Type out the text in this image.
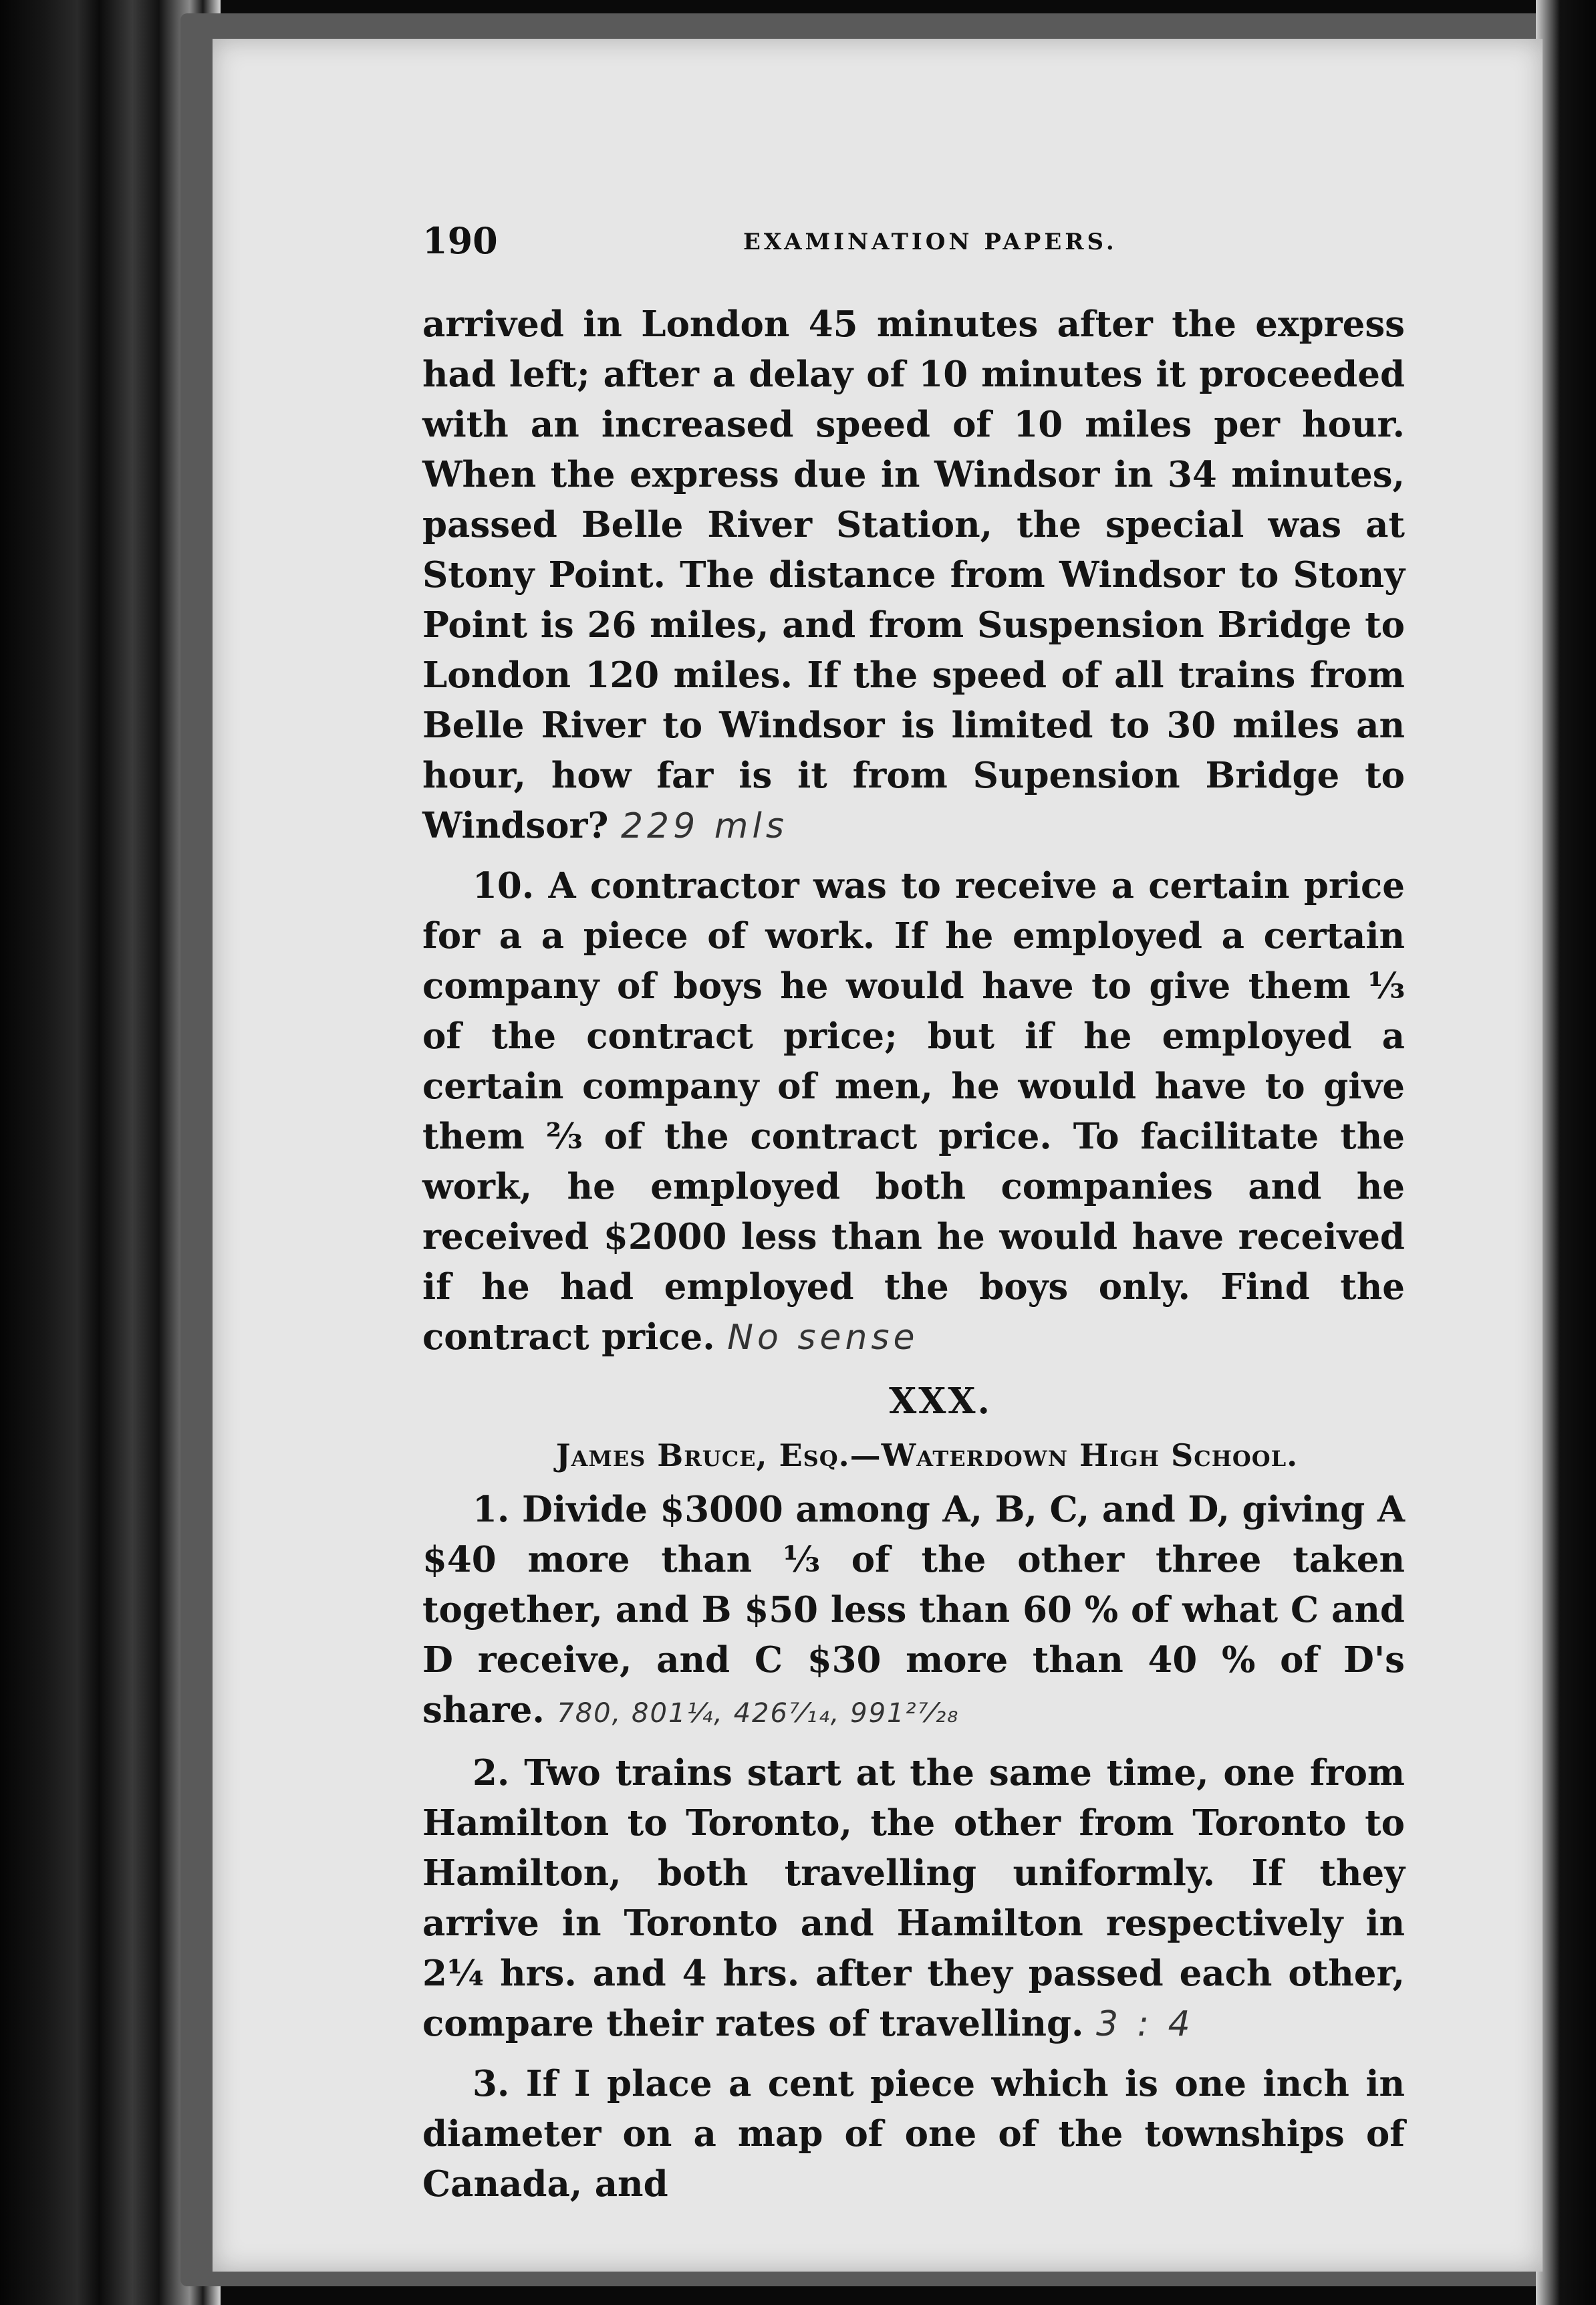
190	EXAMINATION PAPERS.

arrived in London 45 minutes after the express had left; after a delay of 10 minutes it proceeded with an increased speed of 10 miles per hour. When the express due in Windsor in 34 minutes, passed Belle River Station, the special was at Stony Point. The distance from Windsor to Stony Point is 26 miles, and from Suspension Bridge to London 120 miles. If the speed of all trains from Belle River to Windsor is limited to 30 miles an hour, how far is it from Supension Bridge to Windsor? 229 mls

10. A contractor was to receive a certain price for a a piece of work. If he employed a certain company of boys he would have to give them ⅓ of the contract price; but if he employed a certain company of men, he would have to give them ⅔ of the contract price. To facilitate the work, he employed both companies and he received $2000 less than he would have received if he had employed the boys only. Find the contract price. No sense

XXX.
James Bruce, Esq.—Waterdown High School.

1. Divide $3000 among A, B, C, and D, giving A $40 more than ⅓ of the other three taken together, and B $50 less than 60 % of what C and D receive, and C $30 more than 40 % of D's share. 780, 801¼, 426⁷⁄₁₄, 991²⁷⁄₂₈

2. Two trains start at the same time, one from Hamilton to Toronto, the other from Toronto to Hamilton, both travelling uniformly. If they arrive in Toronto and Hamilton respectively in 2¼ hrs. and 4 hrs. after they passed each other, compare their rates of travelling. 3 : 4

3. If I place a cent piece which is one inch in diameter on a map of one of the townships of Canada, and
